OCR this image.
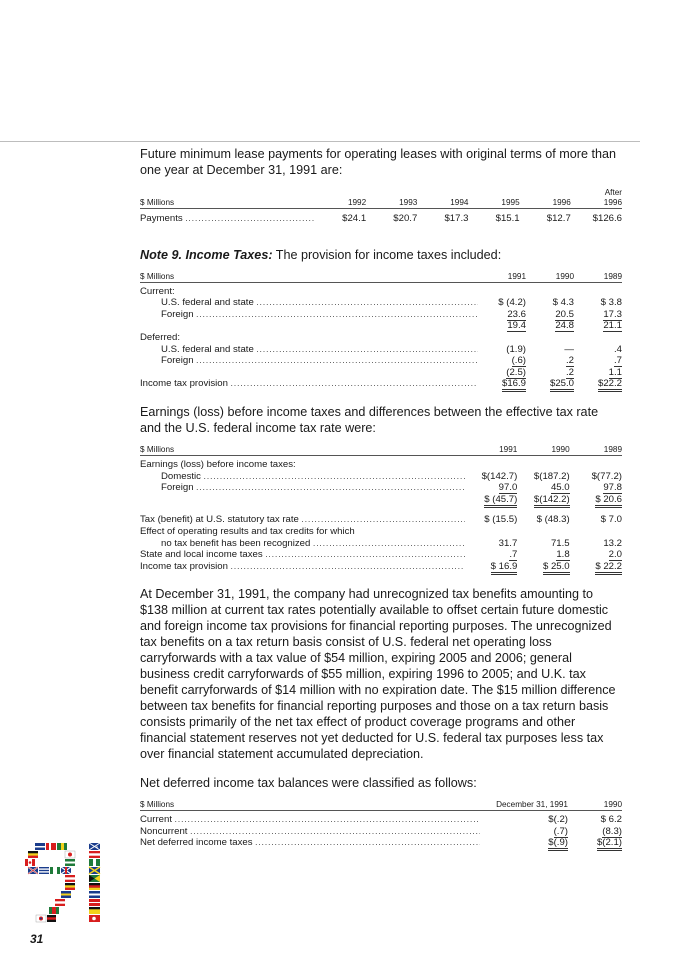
Future minimum lease payments for operating leases with original terms of more than one year at December 31, 1991 are:

$ Millions	1992	1993	1994	1995	1996	After
1996
Payments . . .	$24.1	$20.7	$17.3	$15.1	$12.7	$126.6

Note 9. Income Taxes: The provision for income taxes included:

$ Millions	1991	1990	1989
Current:			
U.S. federal and state . . .	$ (4.2)	$ 4.3	$ 3.8
Foreign . . .	23.6	20.5	17.3
	19.4	24.8	21.1
Deferred:			
U.S. federal and state . . .	(1.9)	—	.4
Foreign . . .	(.6)	.2	.7
	(2.5)	.2	1.1
Income tax provision . . .	$16.9	$25.0	$22.2

Earnings (loss) before income taxes and differences between the effective tax rate and the U.S. federal income tax rate were:

$ Millions	1991	1990	1989
Earnings (loss) before income taxes:			
Domestic . . .	$(142.7)	$(187.2)	$(77.2)
Foreign . . .	97.0	45.0	97.8
	$ (45.7)	$(142.2)	$ 20.6
Tax (benefit) at U.S. statutory tax rate . . .	$ (15.5)	$ (48.3)	$ 7.0
Effect of operating results and tax credits for which			
no tax benefit has been recognized . . .	31.7	71.5	13.2
State and local income taxes . . .	.7	1.8	2.0
Income tax provision . . .	$ 16.9	$ 25.0	$ 22.2

At December 31, 1991, the company had unrecognized tax benefits amounting to $138 million at current tax rates potentially available to offset certain future domestic and foreign income tax provisions for financial reporting purposes. The unrecognized tax benefits on a tax return basis consist of U.S. federal net operating loss carryforwards with a tax value of $54 million, expiring 2005 and 2006; general business credit carryforwards of $55 million, expiring 1996 to 2005; and U.K. tax benefit carryforwards of $14 million with no expiration date. The $15 million difference between tax benefits for financial reporting purposes and those on a tax return basis consists primarily of the net tax effect of product coverage programs and other financial statement reserves not yet deducted for U.S. federal tax purposes less tax over financial statement accumulated depreciation.

Net deferred income tax balances were classified as follows:

$ Millions	December 31, 1991	1990
Current . . .	$(.2)	$ 6.2
Noncurrent . . .	(.7)	(8.3)
Net deferred income taxes . . .	$(.9)	$(2.1)
91
31
